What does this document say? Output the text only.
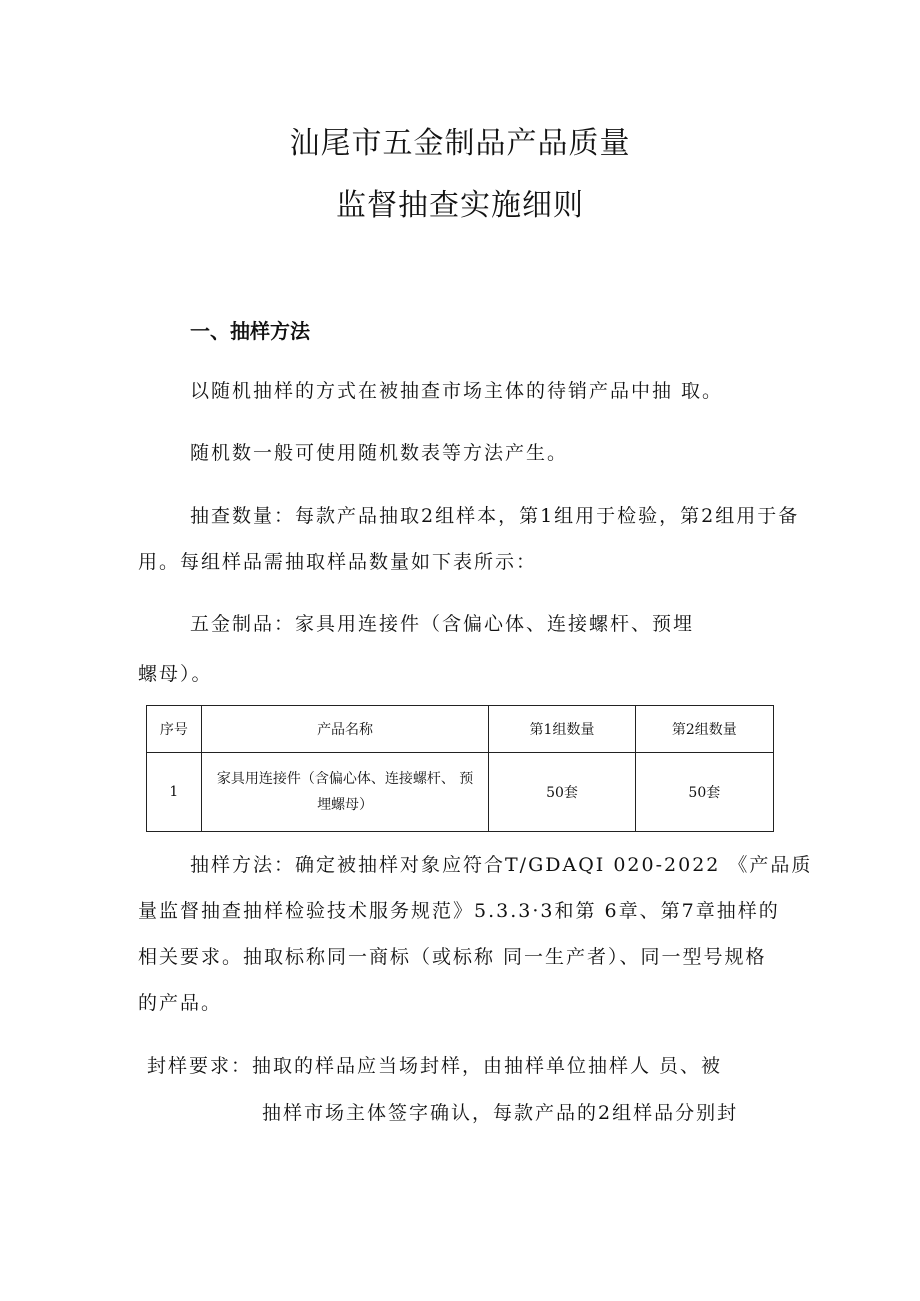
汕尾市五金制品产品质量
监督抽查实施细则
一、抽样方法
以随机抽样的方式在被抽查市场主体的待销产品中抽 取。
随机数一般可使用随机数表等方法产生。
抽查数量：每款产品抽取2组样本，第1组用于检验，第2组用于备
用。每组样品需抽取样品数量如下表所示：
五金制品：家具用连接件（含偏心体、连接螺杆、预埋
螺母）。
序号	产品名称	第1组数量	第2组数量
1	家具用连接件（含偏心体、连接螺杆、 预
埋螺母）	50套	50套
抽样方法：确定被抽样对象应符合T/GDAQI 020-2022 《产品质
量监督抽查抽样检验技术服务规范》5.3.3·3和第 6章、第7章抽样的
相关要求。抽取标称同一商标（或标称 同一生产者）、同一型号规格
的产品。
封样要求：抽取的样品应当场封样，由抽样单位抽样人 员、被
抽样市场主体签字确认，每款产品的2组样品分别封
